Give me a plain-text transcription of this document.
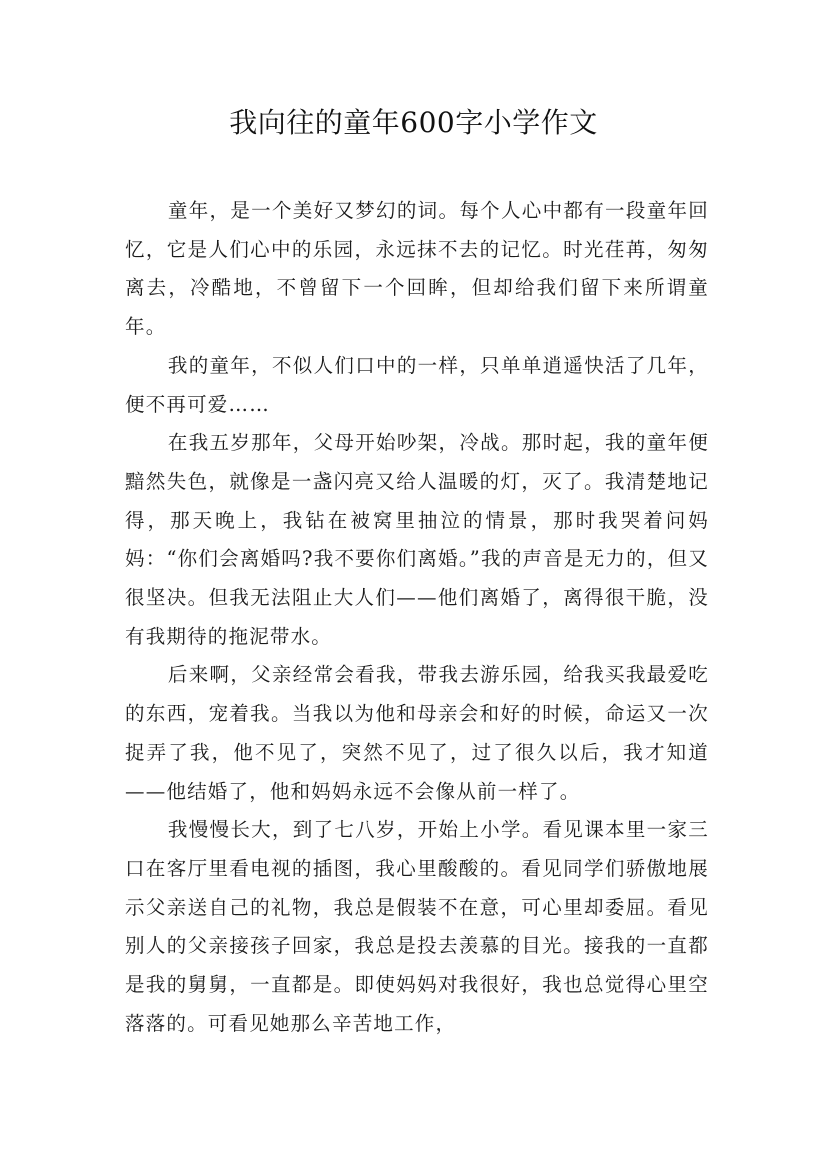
我向往的童年600字小学作文

童年，是一个美好又梦幻的词。每个人心中都有一段童年回忆，它是人们心中的乐园，永远抹不去的记忆。时光荏苒，匆匆离去，冷酷地，不曾留下一个回眸，但却给我们留下来所谓童年。

我的童年，不似人们口中的一样，只单单逍遥快活了几年，便不再可爱……

在我五岁那年，父母开始吵架，冷战。那时起，我的童年便黯然失色，就像是一盏闪亮又给人温暖的灯，灭了。我清楚地记得，那天晚上，我钻在被窝里抽泣的情景，那时我哭着问妈妈：“你们会离婚吗?我不要你们离婚。”我的声音是无力的，但又很坚决。但我无法阻止大人们——他们离婚了，离得很干脆，没有我期待的拖泥带水。

后来啊，父亲经常会看我，带我去游乐园，给我买我最爱吃的东西，宠着我。当我以为他和母亲会和好的时候，命运又一次捉弄了我，他不见了，突然不见了，过了很久以后，我才知道——他结婚了，他和妈妈永远不会像从前一样了。

我慢慢长大，到了七八岁，开始上小学。看见课本里一家三口在客厅里看电视的插图，我心里酸酸的。看见同学们骄傲地展示父亲送自己的礼物，我总是假装不在意，可心里却委屈。看见别人的父亲接孩子回家，我总是投去羡慕的目光。接我的一直都是我的舅舅，一直都是。即使妈妈对我很好，我也总觉得心里空落落的。可看见她那么辛苦地工作，
